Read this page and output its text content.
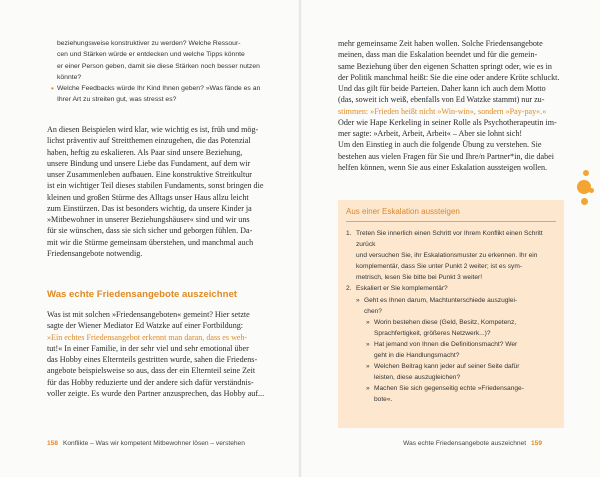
beziehungsweise konstruktiver zu werden? Welche Ressour-
cen und Stärken würde er entdecken und welche Tipps könnte
er einer Person geben, damit sie diese Stärken noch besser nutzen
könnte?
• Welche Feedbacks würde Ihr Kind Ihnen geben? »Was fände es an
Ihrer Art zu streiten gut, was stresst es?

An diesen Beispielen wird klar, wie wichtig es ist, früh und mög-

lichst präventiv auf Streitthemen einzugehen, die das Potenzial

haben, heftig zu eskalieren. Als Paar sind unsere Beziehung,

unsere Bindung und unsere Liebe das Fundament, auf dem wir

unser Zusammenleben aufbauen. Eine konstruktive Streitkultur

ist ein wichtiger Teil dieses stabilen Fundaments, sonst bringen die

kleinen und großen Stürme des Alltags unser Haus allzu leicht

zum Einstürzen. Das ist besonders wichtig, da unsere Kinder ja

»Mitbewohner in unserer Beziehungshäuser« sind und wir uns

für sie wünschen, dass sie sich sicher und geborgen fühlen. Da-

mit wir die Stürme gemeinsam überstehen, und manchmal auch

Friedensangebote notwendig.

Was echte Friedensangebote auszeichnet

Was ist mit solchen »Friedensangeboten« gemeint? Hier setzte

sagte der Wiener Mediator Ed Watzke auf einer Fortbildung:

»Ein echtes Friedensangebot erkennt man daran, dass es weh-

tut!« In einer Familie, in der sehr viel und sehr emotional über

das Hobby eines Elternteils gestritten wurde, sahen die Friedens-

angebote beispielsweise so aus, dass der ein Elternteil seine Zeit

für das Hobby reduzierte und der andere sich dafür verständnis-

voller zeigte. Es wurde den Partner anzusprechen, das Hobby auf...

158 Konflikte – Was wir kompetent Mitbewohner lösen – verstehen

mehr gemeinsame Zeit haben wollen. Solche Friedensangebote

meinen, dass man die Eskalation beendet und für die gemein-

same Beziehung über den eigenen Schatten springt oder, wie es in

der Politik manchmal heißt: Sie die eine oder andere Kröte schluckt.

Und das gilt für beide Parteien. Daher kann ich auch dem Motto

(das, soweit ich weiß, ebenfalls von Ed Watzke stammt) nur zu-

stimmen: »Frieden heißt nicht »Win-win«, sondern »Pay-pay«.«

Oder wie Hape Kerkeling in seiner Rolle als Psychotherapeutin im-

mer sagte: »Arbeit, Arbeit, Arbeit« – Aber sie lohnt sich!

Um den Einstieg in auch die folgende Übung zu verstehen. Sie

bestehen aus vielen Fragen für Sie und Ihre/n Partner*in, die dabei

helfen können, wenn Sie aus einer Eskalation aussteigen wollen.

Aus einer Eskalation aussteigen
1. Treten Sie innerlich einen Schritt vor Ihrem Konflikt einen Schritt zurück
und versuchen Sie, ihr Eskalationsmuster zu erkennen. Ihr ein
komplementär, dass Sie unter Punkt 2 weiter; ist es sym-
metrisch, lesen Sie bitte bei Punkt 3 weiter!
2. Eskaliert er Sie komplementär?
» Geht es Ihnen darum, Machtunterschiede auszuglei-
chen?
» Worin bestehen diese (Geld, Besitz, Kompetenz,
Sprachfertigkeit, größeres Netzwerk...)?
» Hat jemand von Ihnen die Definitionsmacht? Wer
geht in die Handlungsmacht?
» Welchen Beitrag kann jeder auf seiner Seite dafür
leisten, diese auszugleichen?
» Machen Sie sich gegenseitig echte »Friedensange-
bote«.
Was echte Friedensangebote auszeichnet 159
